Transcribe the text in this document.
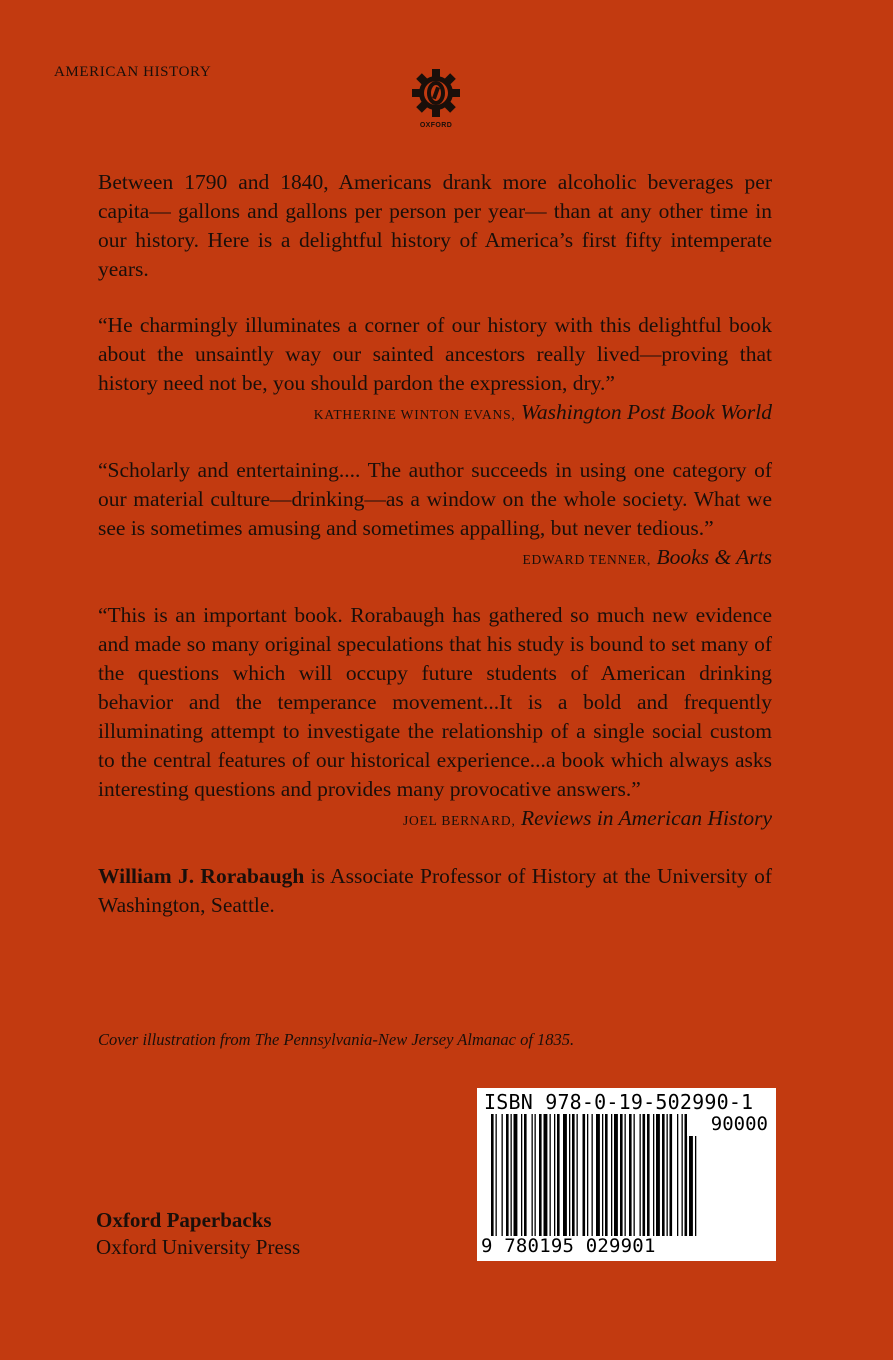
AMERICAN HISTORY
OXFORD

Between 1790 and 1840, Americans drank more alcoholic beverages per capita— gallons and gallons per person per year— than at any other time in our history. Here is a delightful history of America’s first fifty intemperate years.

“He charmingly illuminates a corner of our history with this delightful book about the unsaintly way our sainted ancestors really lived—proving that history need not be, you should pardon the expression, dry.”

KATHERINE WINTON EVANS, Washington Post Book World

“Scholarly and entertaining.... The author succeeds in using one category of our material culture—drinking—as a window on the whole society. What we see is sometimes amusing and sometimes appalling, but never tedious.”

EDWARD TENNER, Books & Arts

“This is an important book. Rorabaugh has gathered so much new evidence and made so many original speculations that his study is bound to set many of the questions which will occupy future students of American drinking behavior and the temperance movement...It is a bold and frequently illuminating attempt to investigate the relationship of a single social custom to the central features of our historical experience...a book which always asks interesting questions and provides many provocative answers.”

JOEL BERNARD, Reviews in American History

William J. Rorabaugh is Associate Professor of History at the University of Washington, Seattle.

Cover illustration from The Pennsylvania-New Jersey Almanac of 1835.
Oxford Paperbacks
Oxford University Press
ISBN 978-0-19-502990-1
90000
9 780195 029901
